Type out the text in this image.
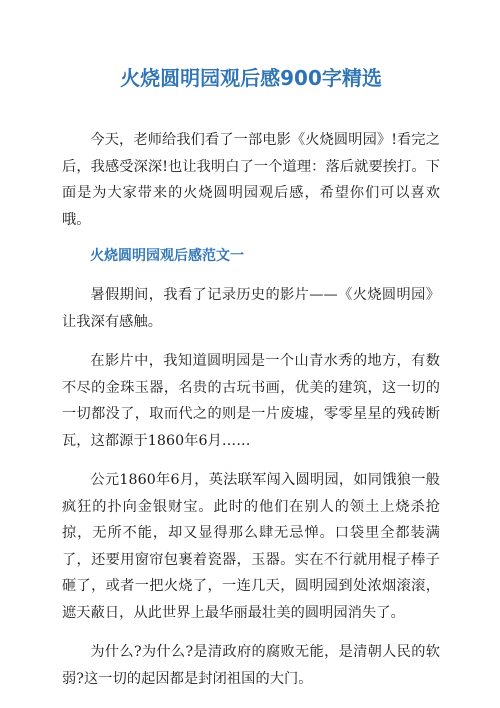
火烧圆明园观后感900字精选

今天，老师给我们看了一部电影《火烧圆明园》!看完之后，我感受深深!也让我明白了一个道理：落后就要挨打。下面是为大家带来的火烧圆明园观后感，希望你们可以喜欢哦。

火烧圆明园观后感范文一

暑假期间，我看了记录历史的影片——《火烧圆明园》让我深有感触。

在影片中，我知道圆明园是一个山青水秀的地方，有数不尽的金珠玉器，名贵的古玩书画，优美的建筑，这一切的一切都没了，取而代之的则是一片废墟，零零星星的残砖断瓦，这都源于1860年6月……

公元1860年6月，英法联军闯入圆明园，如同饿狼一般疯狂的扑向金银财宝。此时的他们在别人的领土上烧杀抢掠，无所不能，却又显得那么肆无忌惮。口袋里全都装满了，还要用窗帘包裹着瓷器，玉器。实在不行就用棍子棒子砸了，或者一把火烧了，一连几天，圆明园到处浓烟滚滚，遮天蔽日，从此世界上最华丽最壮美的圆明园消失了。

为什么?为什么?是清政府的腐败无能，是清朝人民的软弱?这一切的起因都是封闭祖国的大门。
